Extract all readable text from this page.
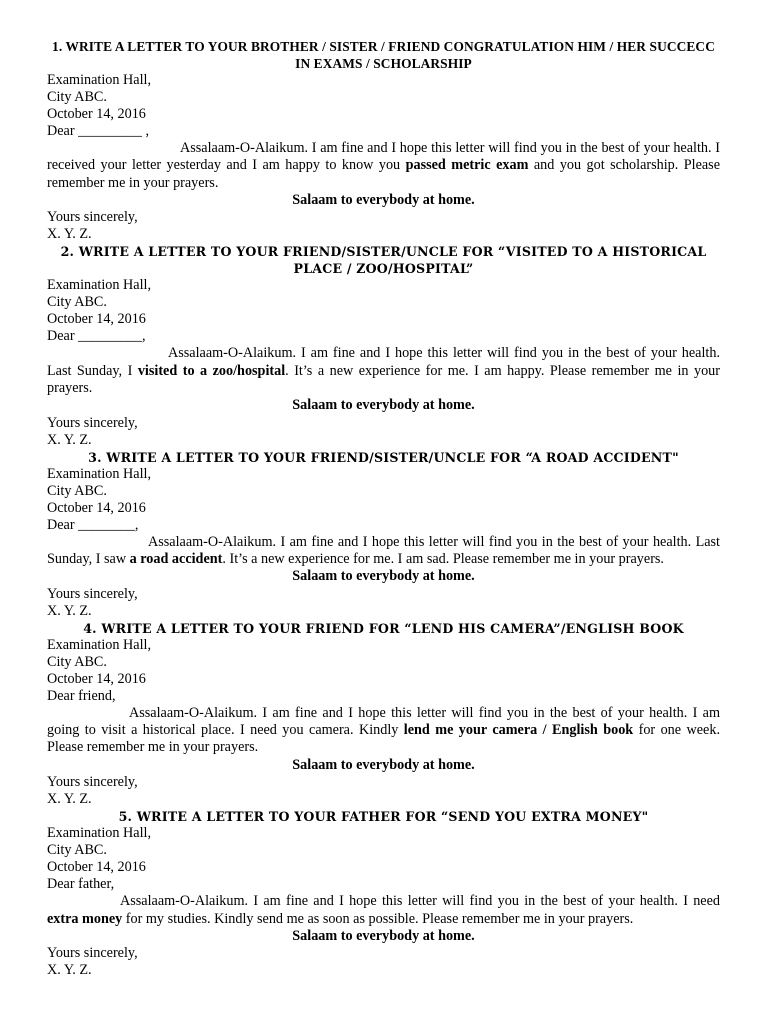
1. WRITE A LETTER TO YOUR BROTHER / SISTER / FRIEND CONGRATULATION HIM / HER SUCCECC IN EXAMS / SCHOLARSHIP

Examination Hall,

City ABC.

October 14, 2016

Dear _________ ,

Assalaam-O-Alaikum. I am fine and I hope this letter will find you in the best of your health. I received your letter yesterday and I am happy to know you passed metric exam and you got scholarship. Please remember me in your prayers.

Salaam to everybody at home.

Yours sincerely,

X. Y. Z.

2. WRITE A LETTER TO YOUR FRIEND/SISTER/UNCLE FOR “VISITED TO A HISTORICAL PLACE / ZOO/HOSPITAL”

Examination Hall,

City ABC.

October 14, 2016

Dear _________,

Assalaam-O-Alaikum. I am fine and I hope this letter will find you in the best of your health. Last Sunday, I visited to a zoo/hospital. It’s a new experience for me. I am happy. Please remember me in your prayers.

Salaam to everybody at home.

Yours sincerely,

X. Y. Z.

3. WRITE A LETTER TO YOUR FRIEND/SISTER/UNCLE FOR “A ROAD ACCIDENT"

Examination Hall,

City ABC.

October 14, 2016

Dear ________,

Assalaam-O-Alaikum. I am fine and I hope this letter will find you in the best of your health. Last Sunday, I saw a road accident. It’s a new experience for me. I am sad. Please remember me in your prayers.

Salaam to everybody at home.

Yours sincerely,

X. Y. Z.

4. WRITE A LETTER TO YOUR FRIEND FOR “LEND HIS CAMERA”/ENGLISH BOOK

Examination Hall,

City ABC.

October 14, 2016

Dear friend,

Assalaam-O-Alaikum. I am fine and I hope this letter will find you in the best of your health. I am going to visit a historical place. I need you camera. Kindly lend me your camera / English book for one week. Please remember me in your prayers.

Salaam to everybody at home.

Yours sincerely,

X. Y. Z.

5. WRITE A LETTER TO YOUR FATHER FOR “SEND YOU EXTRA MONEY"

Examination Hall,

City ABC.

October 14, 2016

Dear father,

Assalaam-O-Alaikum. I am fine and I hope this letter will find you in the best of your health. I need extra money for my studies. Kindly send me as soon as possible. Please remember me in your prayers.

Salaam to everybody at home.

Yours sincerely,

X. Y. Z.
